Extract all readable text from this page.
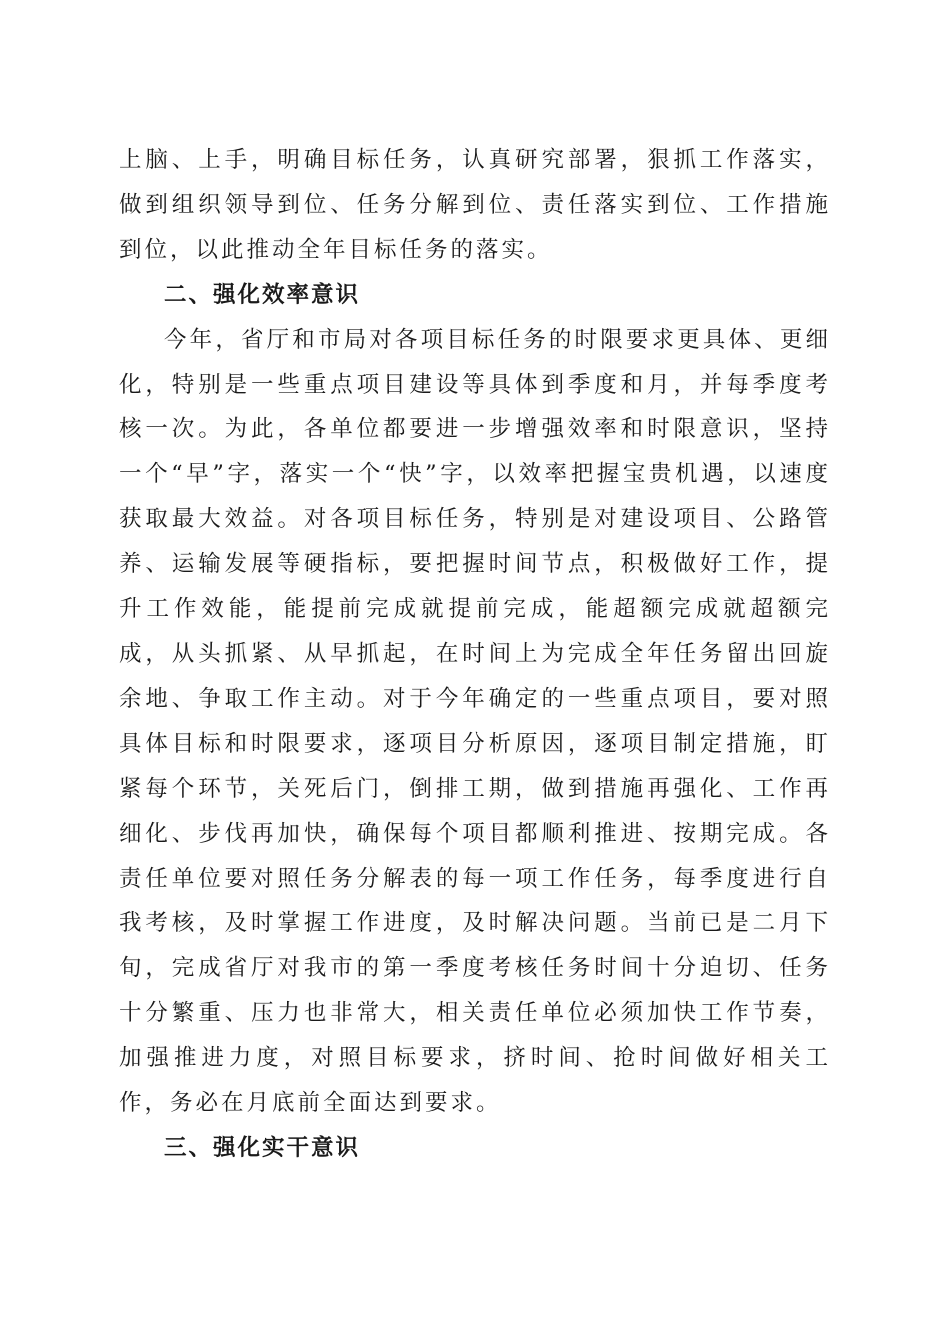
上脑、上手，明确目标任务，认真研究部署，狠抓工作落实，做到组织领导到位、任务分解到位、责任落实到位、工作措施到位，以此推动全年目标任务的落实。

二、强化效率意识

今年，省厅和市局对各项目标任务的时限要求更具体、更细化，特别是一些重点项目建设等具体到季度和月，并每季度考核一次。为此，各单位都要进一步增强效率和时限意识，坚持一个“早”字，落实一个“快”字，以效率把握宝贵机遇，以速度获取最大效益。对各项目标任务，特别是对建设项目、公路管养、运输发展等硬指标，要把握时间节点，积极做好工作，提升工作效能，能提前完成就提前完成，能超额完成就超额完成，从头抓紧、从早抓起，在时间上为完成全年任务留出回旋余地、争取工作主动。对于今年确定的一些重点项目，要对照具体目标和时限要求，逐项目分析原因，逐项目制定措施，盯紧每个环节，关死后门，倒排工期，做到措施再强化、工作再细化、步伐再加快，确保每个项目都顺利推进、按期完成。各责任单位要对照任务分解表的每一项工作任务，每季度进行自我考核，及时掌握工作进度，及时解决问题。当前已是二月下旬，完成省厅对我市的第一季度考核任务时间十分迫切、任务十分繁重、压力也非常大，相关责任单位必须加快工作节奏，加强推进力度，对照目标要求，挤时间、抢时间做好相关工作，务必在月底前全面达到要求。

三、强化实干意识
